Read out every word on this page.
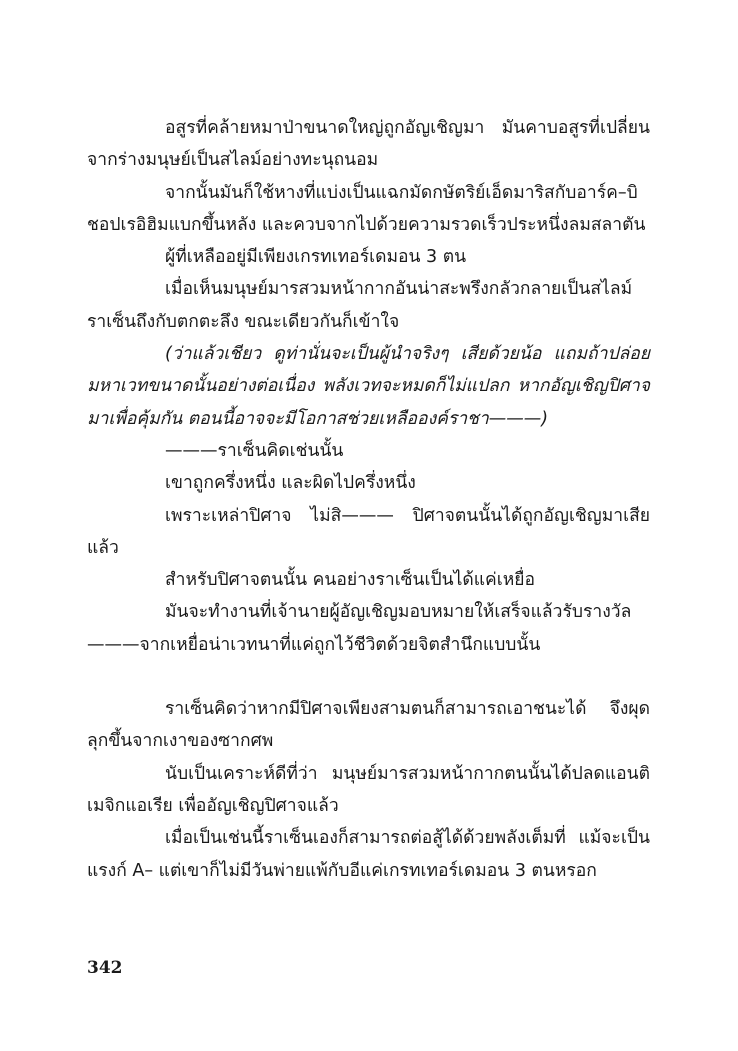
อสูรที่คล้ายหมาป่าขนาดใหญ่ถูกอัญเชิญมา มันคาบอสูรที่เปลี่ยนจากร่างมนุษย์เป็นสไลม์อย่างทะนุถนอม

จากนั้นมันก็ใช้หางที่แบ่งเป็นแฉกมัดกษัตริย์เอ็ดมาริสกับอาร์ค–บิชอปเรอิฮิมแบกขึ้นหลัง และควบจากไปด้วยความรวดเร็วประหนึ่งลมสลาตัน

ผู้ที่เหลืออยู่มีเพียงเกรทเทอร์เดมอน 3 ตน

เมื่อเห็นมนุษย์มารสวมหน้ากากอันน่าสะพรึงกลัวกลายเป็นสไลม์ราเซ็นถึงกับตกตะลึง ขณะเดียวกันก็เข้าใจ

(ว่าแล้วเชียว ดูท่านั่นจะเป็นผู้นำจริงๆ เสียด้วยน้อ แถมถ้าปล่อยมหาเวทขนาดนั้นอย่างต่อเนื่อง พลังเวทจะหมดก็ไม่แปลก หากอัญเชิญปิศาจมาเพื่อคุ้มกัน ตอนนี้อาจจะมีโอกาสช่วยเหลือองค์ราชา———)

———ราเซ็นคิดเช่นนั้น

เขาถูกครึ่งหนึ่ง และผิดไปครึ่งหนึ่ง

เพราะเหล่าปิศาจ ไม่สิ——— ปิศาจตนนั้นได้ถูกอัญเชิญมาเสียแล้ว

สำหรับปิศาจตนนั้น คนอย่างราเซ็นเป็นได้แค่เหยื่อ

มันจะทำงานที่เจ้านายผู้อัญเชิญมอบหมายให้เสร็จแล้วรับรางวัล———จากเหยื่อน่าเวทนาที่แค่ถูกไว้ชีวิตด้วยจิตสำนึกแบบนั้น

ราเซ็นคิดว่าหากมีปิศาจเพียงสามตนก็สามารถเอาชนะได้ จึงผุดลุกขึ้นจากเงาของซากศพ

นับเป็นเคราะห์ดีที่ว่า มนุษย์มารสวมหน้ากากตนนั้นได้ปลดแอนติเมจิกแอเรีย เพื่ออัญเชิญปิศาจแล้ว

เมื่อเป็นเช่นนี้ราเซ็นเองก็สามารถต่อสู้ได้ด้วยพลังเต็มที่ แม้จะเป็นแรงก์ A– แต่เขาก็ไม่มีวันพ่ายแพ้กับอีแค่เกรทเทอร์เดมอน 3 ตนหรอก

342
